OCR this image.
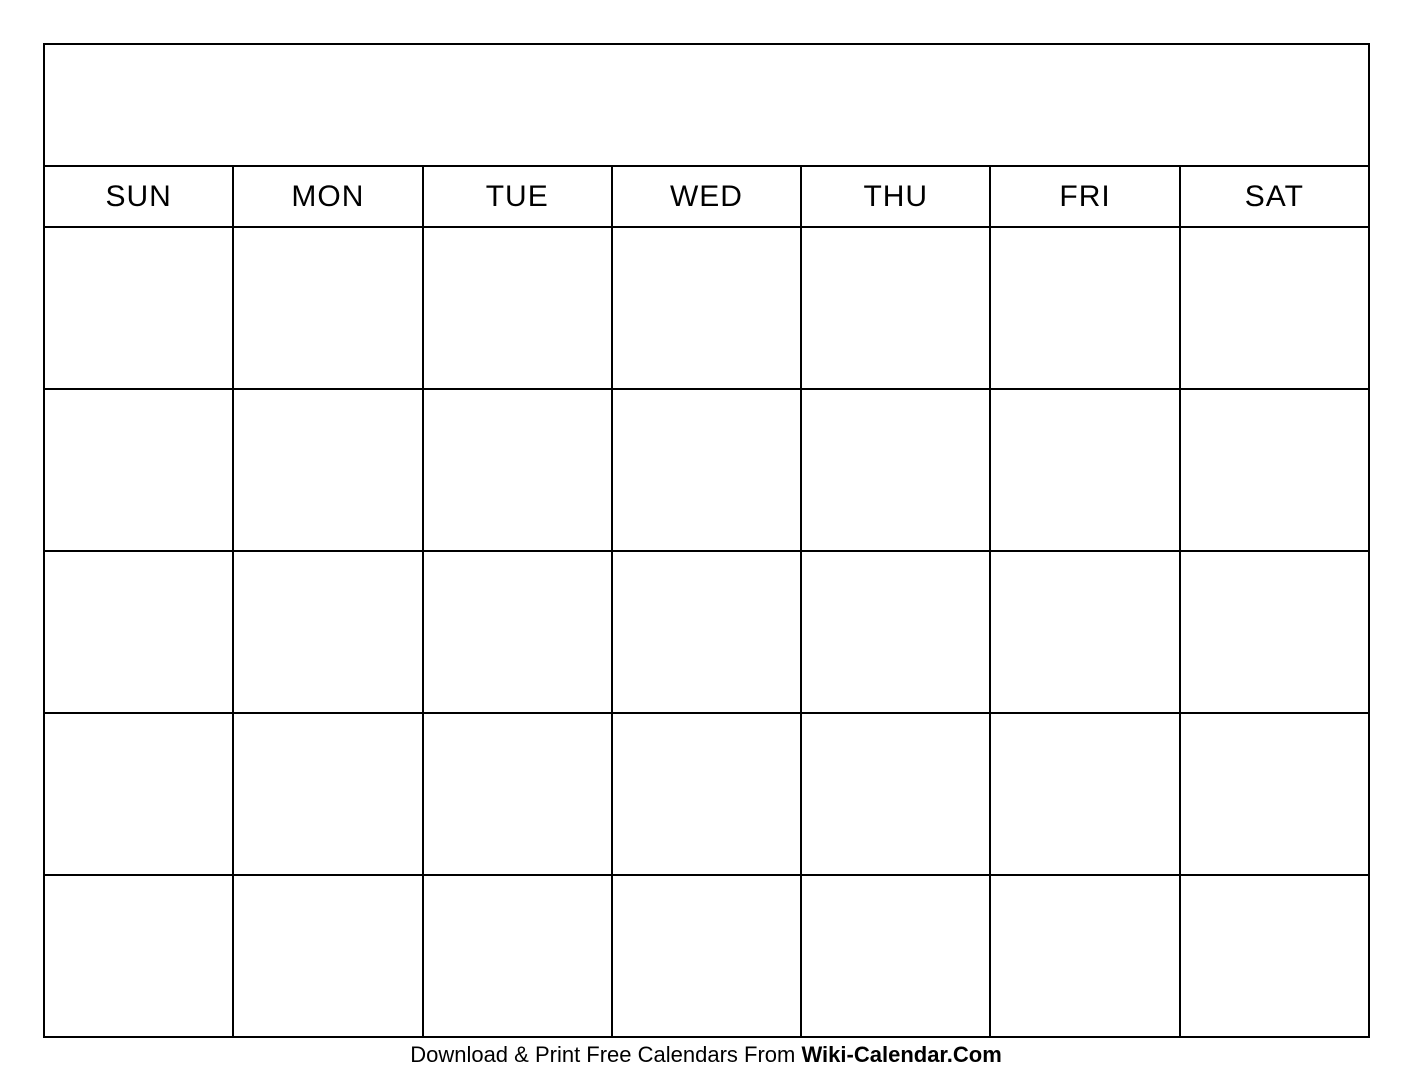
SUN	MON	TUE	WED	THU	FRI	SAT

Download & Print Free Calendars From Wiki-Calendar.Com
